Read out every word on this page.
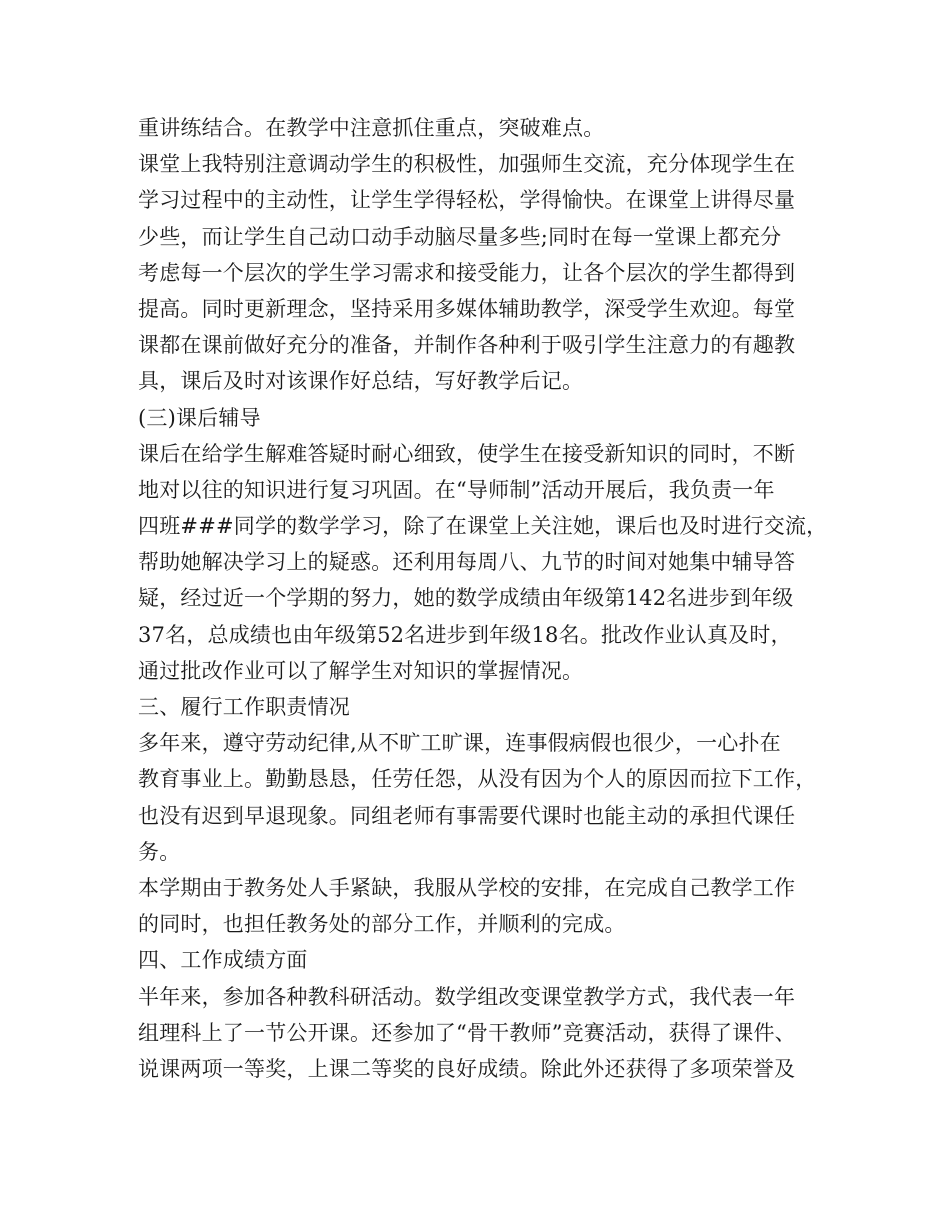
重讲练结合。在教学中注意抓住重点，突破难点。
课堂上我特别注意调动学生的积极性，加强师生交流，充分体现学生在
学习过程中的主动性，让学生学得轻松，学得愉快。在课堂上讲得尽量
少些，而让学生自己动口动手动脑尽量多些;同时在每一堂课上都充分
考虑每一个层次的学生学习需求和接受能力，让各个层次的学生都得到
提高。同时更新理念，坚持采用多媒体辅助教学，深受学生欢迎。每堂
课都在课前做好充分的准备，并制作各种利于吸引学生注意力的有趣教
具，课后及时对该课作好总结，写好教学后记。
(三)课后辅导
课后在给学生解难答疑时耐心细致，使学生在接受新知识的同时，不断
地对以往的知识进行复习巩固。在“导师制”活动开展后，我负责一年
四班###同学的数学学习，除了在课堂上关注她，课后也及时进行交流，
帮助她解决学习上的疑惑。还利用每周八、九节的时间对她集中辅导答
疑，经过近一个学期的努力，她的数学成绩由年级第142名进步到年级
37名，总成绩也由年级第52名进步到年级18名。批改作业认真及时，
通过批改作业可以了解学生对知识的掌握情况。
三、履行工作职责情况
多年来，遵守劳动纪律,从不旷工旷课，连事假病假也很少，一心扑在
教育事业上。勤勤恳恳，任劳任怨，从没有因为个人的原因而拉下工作，
也没有迟到早退现象。同组老师有事需要代课时也能主动的承担代课任
务。
本学期由于教务处人手紧缺，我服从学校的安排，在完成自己教学工作
的同时，也担任教务处的部分工作，并顺利的完成。
四、工作成绩方面
半年来，参加各种教科研活动。数学组改变课堂教学方式，我代表一年
组理科上了一节公开课。还参加了“骨干教师”竞赛活动，获得了课件、
说课两项一等奖，上课二等奖的良好成绩。除此外还获得了多项荣誉及
